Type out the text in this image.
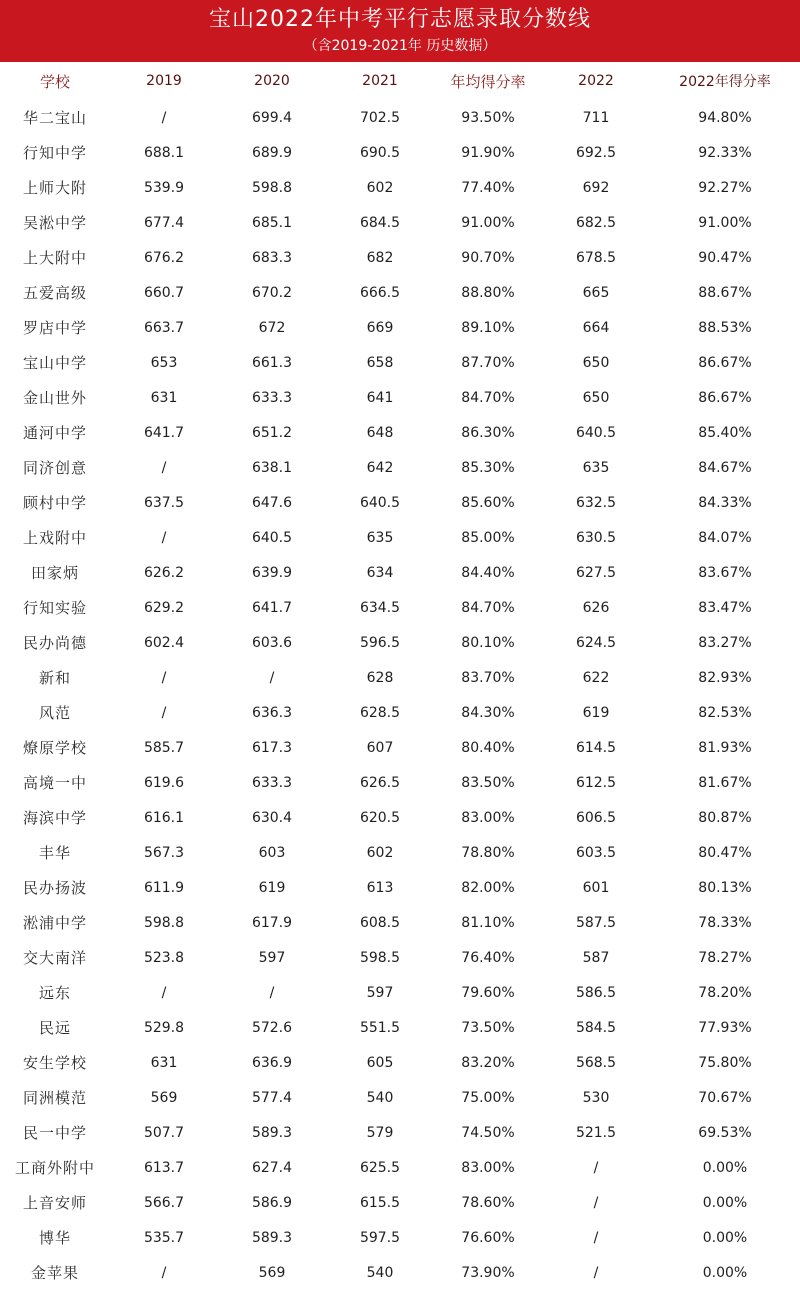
宝山2022年中考平行志愿录取分数线
（含2019-2021年 历史数据）
学校	2019	2020	2021	年均得分率	2022	2022年得分率
华二宝山	/	699.4	702.5	93.50%	711	94.80%
行知中学	688.1	689.9	690.5	91.90%	692.5	92.33%
上师大附	539.9	598.8	602	77.40%	692	92.27%
吴淞中学	677.4	685.1	684.5	91.00%	682.5	91.00%
上大附中	676.2	683.3	682	90.70%	678.5	90.47%
五爱高级	660.7	670.2	666.5	88.80%	665	88.67%
罗店中学	663.7	672	669	89.10%	664	88.53%
宝山中学	653	661.3	658	87.70%	650	86.67%
金山世外	631	633.3	641	84.70%	650	86.67%
通河中学	641.7	651.2	648	86.30%	640.5	85.40%
同济创意	/	638.1	642	85.30%	635	84.67%
顾村中学	637.5	647.6	640.5	85.60%	632.5	84.33%
上戏附中	/	640.5	635	85.00%	630.5	84.07%
田家炳	626.2	639.9	634	84.40%	627.5	83.67%
行知实验	629.2	641.7	634.5	84.70%	626	83.47%
民办尚德	602.4	603.6	596.5	80.10%	624.5	83.27%
新和	/	/	628	83.70%	622	82.93%
风范	/	636.3	628.5	84.30%	619	82.53%
燎原学校	585.7	617.3	607	80.40%	614.5	81.93%
高境一中	619.6	633.3	626.5	83.50%	612.5	81.67%
海滨中学	616.1	630.4	620.5	83.00%	606.5	80.87%
丰华	567.3	603	602	78.80%	603.5	80.47%
民办扬波	611.9	619	613	82.00%	601	80.13%
淞浦中学	598.8	617.9	608.5	81.10%	587.5	78.33%
交大南洋	523.8	597	598.5	76.40%	587	78.27%
远东	/	/	597	79.60%	586.5	78.20%
民远	529.8	572.6	551.5	73.50%	584.5	77.93%
安生学校	631	636.9	605	83.20%	568.5	75.80%
同洲模范	569	577.4	540	75.00%	530	70.67%
民一中学	507.7	589.3	579	74.50%	521.5	69.53%
工商外附中	613.7	627.4	625.5	83.00%	/	0.00%
上音安师	566.7	586.9	615.5	78.60%	/	0.00%
博华	535.7	589.3	597.5	76.60%	/	0.00%
金苹果	/	569	540	73.90%	/	0.00%
